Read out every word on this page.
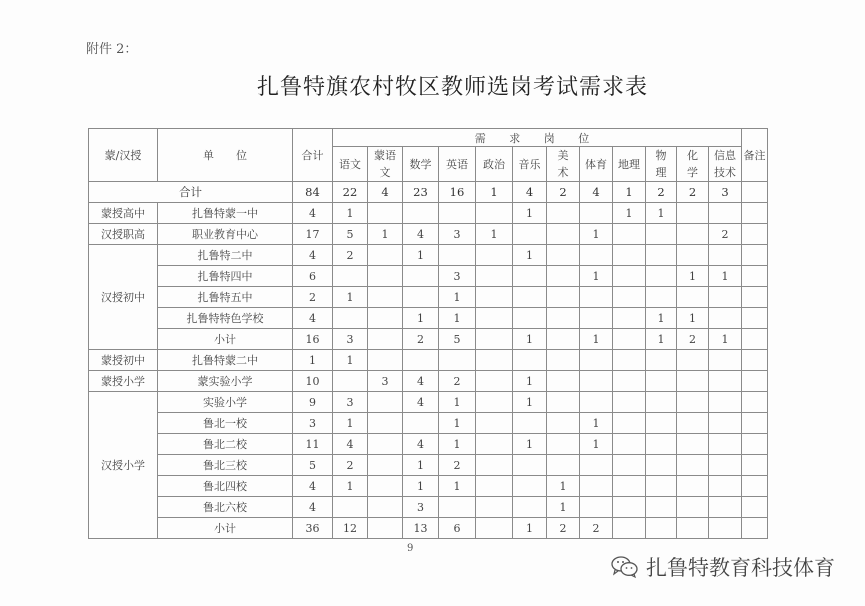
附件 2：
扎鲁特旗农村牧区教师选岗考试需求表
蒙/汉授	单　　位	合计	需 求 岗 位												备注
			语文	蒙语文	数学	英语	政治	音乐	美术	体育	地理	物理	化学	信息技术	
合计		84	22	4	23	16	1	4	2	4	1	2	2	3	
蒙授高中	扎鲁特蒙一中	4	1					1			1	1			
汉授职高	职业教育中心	17	5	1	4	3	1			1				2	
汉授初中	扎鲁特二中	4	2		1			1							
	扎鲁特四中	6				3				1			1	1	
	扎鲁特五中	2	1			1									
	扎鲁特特色学校	4			1	1						1	1		
	小计	16	3		2	5		1		1		1	2	1	
蒙授初中	扎鲁特蒙二中	1	1												
蒙授小学	蒙实验小学	10		3	4	2		1							
汉授小学	实验小学	9	3		4	1		1							
	鲁北一校	3	1			1				1					
	鲁北二校	11	4		4	1		1		1					
	鲁北三校	5	2		1	2									
	鲁北四校	4	1		1	1			1						
	鲁北六校	4			3				1						
	小计	36	12		13	6		1	2	2					
9
扎鲁特教育科技体育
